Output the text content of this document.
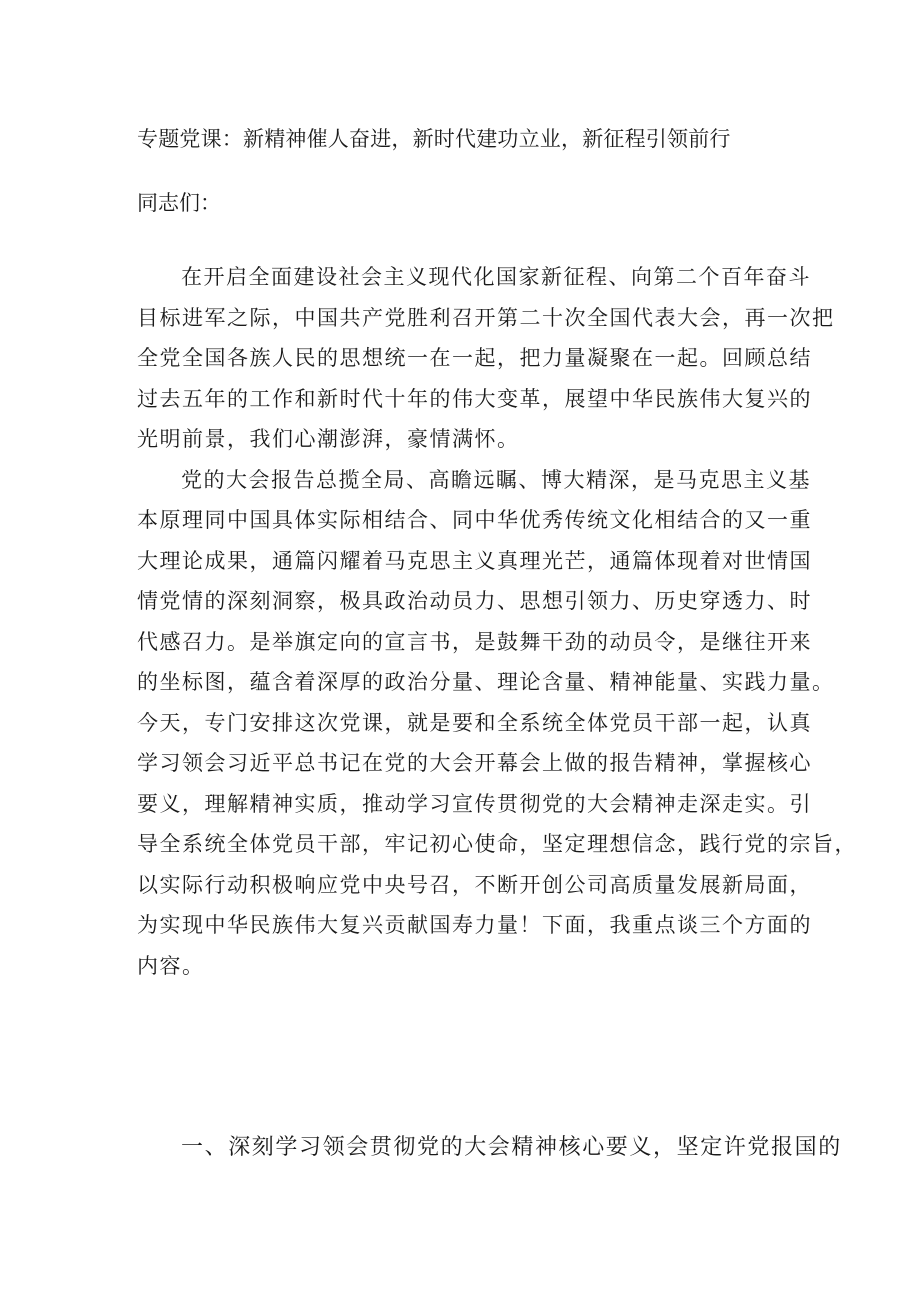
专题党课：新精神催人奋进，新时代建功立业，新征程引领前行
同志们：
在开启全面建设社会主义现代化国家新征程、向第二个百年奋斗
目标进军之际，中国共产党胜利召开第二十次全国代表大会，再一次把
全党全国各族人民的思想统一在一起，把力量凝聚在一起。回顾总结
过去五年的工作和新时代十年的伟大变革，展望中华民族伟大复兴的
光明前景，我们心潮澎湃，豪情满怀。
党的大会报告总揽全局、高瞻远瞩、博大精深，是马克思主义基
本原理同中国具体实际相结合、同中华优秀传统文化相结合的又一重
大理论成果，通篇闪耀着马克思主义真理光芒，通篇体现着对世情国
情党情的深刻洞察，极具政治动员力、思想引领力、历史穿透力、时
代感召力。是举旗定向的宣言书，是鼓舞干劲的动员令，是继往开来
的坐标图，蕴含着深厚的政治分量、理论含量、精神能量、实践力量。
今天，专门安排这次党课，就是要和全系统全体党员干部一起，认真
学习领会习近平总书记在党的大会开幕会上做的报告精神，掌握核心
要义，理解精神实质，推动学习宣传贯彻党的大会精神走深走实。引
导全系统全体党员干部，牢记初心使命，坚定理想信念，践行党的宗旨，
以实际行动积极响应党中央号召，不断开创公司高质量发展新局面，
为实现中华民族伟大复兴贡献国寿力量！下面，我重点谈三个方面的
内容。
一、深刻学习领会贯彻党的大会精神核心要义，坚定许党报国的
